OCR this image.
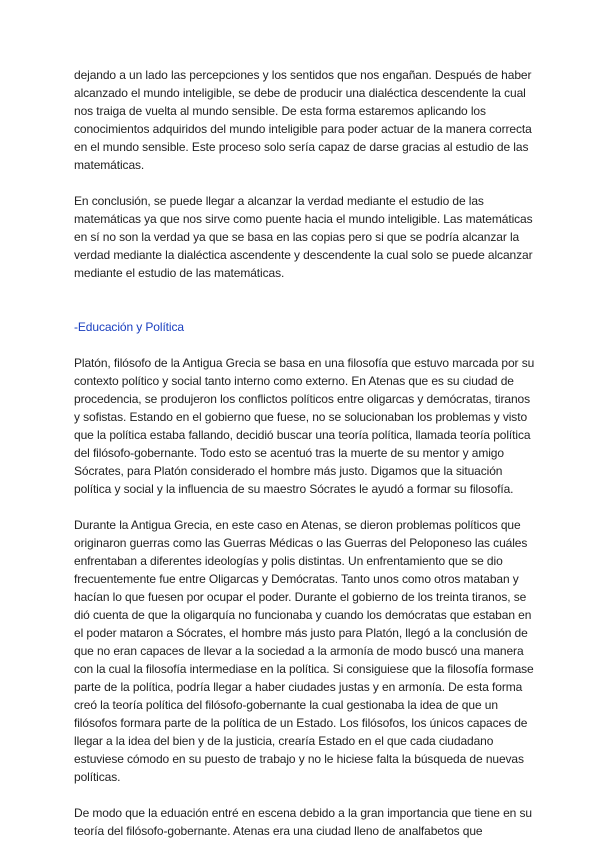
dejando a un lado las percepciones y los sentidos que nos engañan. Después de haber alcanzado el mundo inteligible, se debe de producir una dialéctica descendente la cual nos traiga de vuelta al mundo sensible. De esta forma estaremos aplicando los conocimientos adquiridos del mundo inteligible para poder actuar de la manera correcta en el mundo sensible. Este proceso solo sería capaz de darse gracias al estudio de las matemáticas.

En conclusión, se puede llegar a alcanzar la verdad mediante el estudio de las matemáticas ya que nos sirve como puente hacia el mundo inteligible. Las matemáticas en sí no son la verdad ya que se basa en las copias pero si que se podría alcanzar la verdad mediante la dialéctica ascendente y descendente la cual solo se puede alcanzar mediante el estudio de las matemáticas.

-Educación y Política

Platón, filósofo de la Antigua Grecia se basa en una filosofía que estuvo marcada por su contexto político y social tanto interno como externo. En Atenas que es su ciudad de procedencia, se produjeron los conflictos políticos entre oligarcas y demócratas, tiranos y sofistas. Estando en el gobierno que fuese, no se solucionaban los problemas y visto que la política estaba fallando, decidió buscar una teoría política, llamada teoría política del filósofo-gobernante. Todo esto se acentuó tras la muerte de su mentor y amigo Sócrates, para Platón considerado el hombre más justo. Digamos que la situación política y social y la influencia de su maestro Sócrates le ayudó a formar su filosofía.

Durante la Antigua Grecia, en este caso en Atenas, se dieron problemas políticos que originaron guerras como las Guerras Médicas o las Guerras del Peloponeso las cuáles enfrentaban a diferentes ideologías y polis distintas. Un enfrentamiento que se dio frecuentemente fue entre Oligarcas y Demócratas. Tanto unos como otros mataban y hacían lo que fuesen por ocupar el poder. Durante el gobierno de los treinta tiranos, se dió cuenta de que la oligarquía no funcionaba y cuando los demócratas que estaban en el poder mataron a Sócrates, el hombre más justo para Platón, llegó a la conclusión de que no eran capaces de llevar a la sociedad a la armonía de modo buscó una manera con la cual la filosofía intermediase en la política. Si consiguiese que la filosofía formase parte de la política, podría llegar a haber ciudades justas y en armonía. De esta forma creó la teoría política del filósofo-gobernante la cual gestionaba la idea de que un filósofos formara parte de la política de un Estado. Los filósofos, los únicos capaces de llegar a la idea del bien y de la justicia, crearía Estado en el que cada ciudadano estuviese cómodo en su puesto de trabajo y no le hiciese falta la búsqueda de nuevas políticas.

De modo que la eduación entré en escena debido a la gran importancia que tiene en su teoría del filósofo-gobernante. Atenas era una ciudad lleno de analfabetos que
